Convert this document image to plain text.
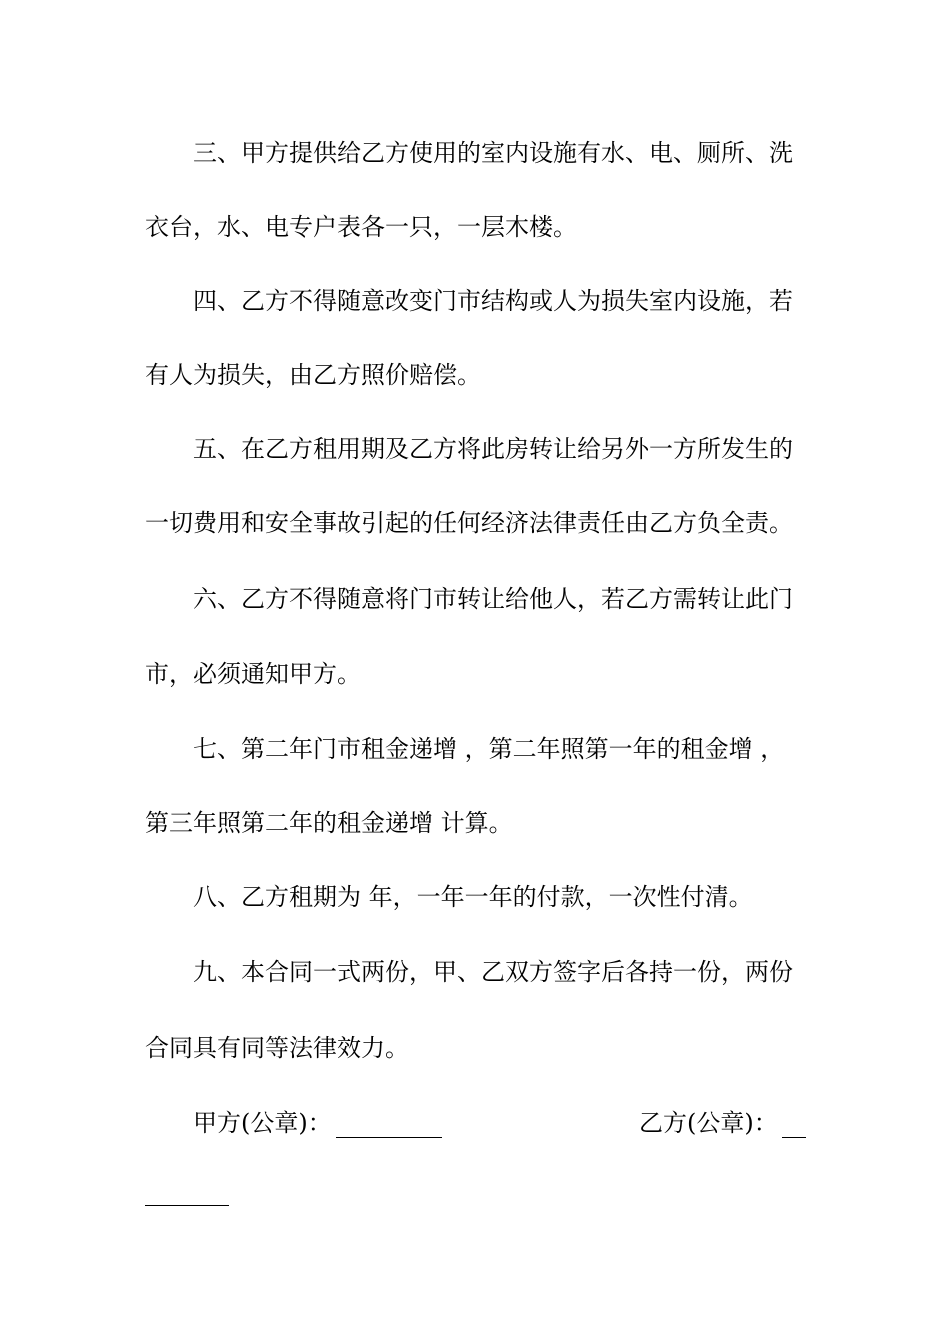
三、甲方提供给乙方使用的室内设施有水、电、厕所、洗
衣台，水、电专户表各一只，一层木楼。
四、乙方不得随意改变门市结构或人为损失室内设施，若
有人为损失，由乙方照价赔偿。
五、在乙方租用期及乙方将此房转让给另外一方所发生的
一切费用和安全事故引起的任何经济法律责任由乙方负全责。
六、乙方不得随意将门市转让给他人，若乙方需转让此门
市，必须通知甲方。
七、第二年门市租金递增 ，第二年照第一年的租金增 ，
第三年照第二年的租金递增 计算。
八、乙方租期为 年，一年一年的付款，一次性付清。
九、本合同一式两份，甲、乙双方签字后各持一份，两份
合同具有同等法律效力。
甲方(公章)：	乙方(公章)：
